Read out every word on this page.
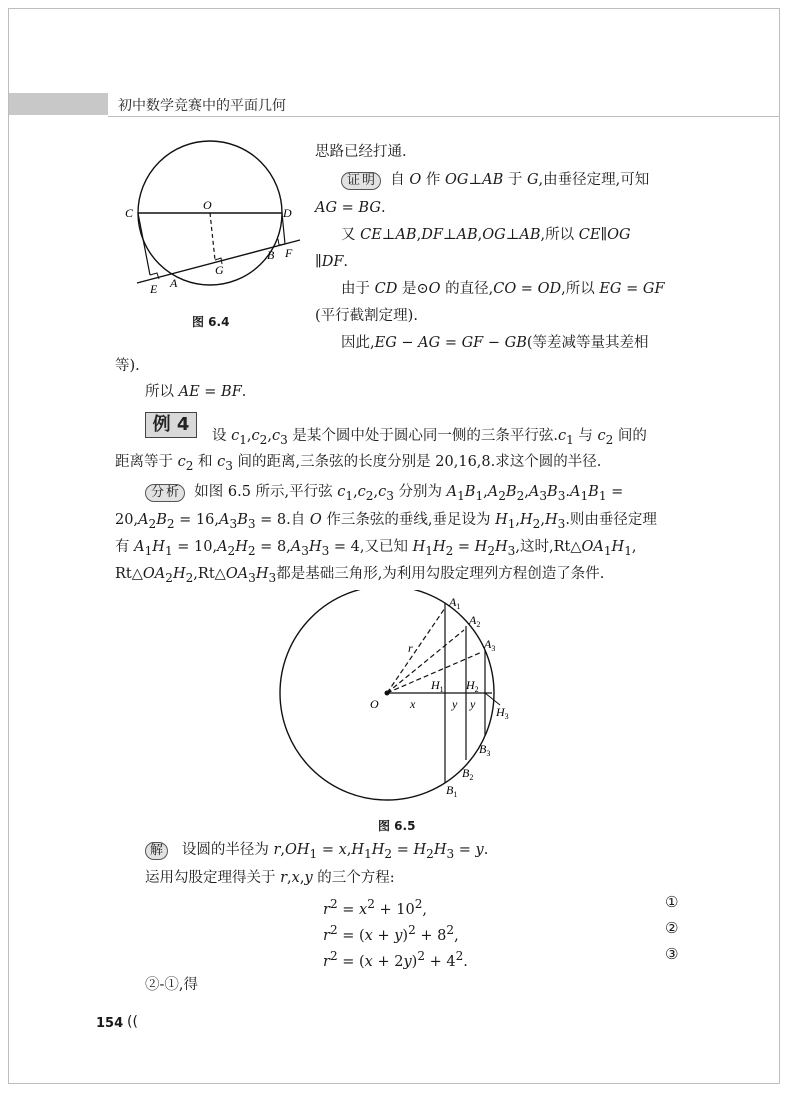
初中数学竞赛中的平面几何
O
C	D
G
B F
E A
图 6.4
思路已经打通.
证 明 自 O 作 OG⊥AB 于 G,由垂径定理,可知
AG = BG.
又 CE⊥AB,DF⊥AB,OG⊥AB,所以 CE∥OG
∥DF.
由于 CD 是⊙O 的直径,CO = OD,所以 EG = GF
(平行截割定理).
因此,EG − AG = GF − GB(等差减等量其差相
等).
所以 AE = BF.
例 4
设 $c_1,c_2,c_3$ 是某个圆中处于圆心同一侧的三条平行弦$.c_1$ 与 $c_2$ 间的
距离等于 $c_2$ 和 $c_3$ 间的距离,三条弦的长度分别是 20,16,8.求这个圆的半径.
分 析 如图 6.5 所示,平行弦 $c_1,c_2,c_3$ 分别为 $A_1B_1,A_2B_2,A_3B_3.A_1B_1$ =
$20,A_2B_2 = 16,A_3B_3 = 8$.自 O 作三条弦的垂线,垂足设为 $H_1,H_2,H_3$.则由垂径定理
有 $A_1H_1 = 10,A_2H_2 = 8,A_3H_3 = 4$,又已知 $H_1H_2 = H_2H_3$,这时$,Rt\triangle OA_1H_1$,
$Rt\triangle OA_2H_2,Rt\triangle OA_3H_3$都是基础三角形,为利用勾股定理列方程创造了条件.
O
r
x	y y
$H_1$ $H_2$
$H_3$
$A_1$
$A_2$
$A_3$
$B_3$
$B_2$
$B_1$
图 6.5
解 设圆的半径为 $r,OH_1 = x,H_1H_2 = H_2H_3 = y$.
运用勾股定理得关于 r,x,y 的三个方程:
$r^2 = x^2 + 10^2$,	①
$r^2 = (x + y)^2 + 8^2$,	②
$r^2 = (x + 2y)^2 + 4^2$.	③
②-①,得
154 ((
